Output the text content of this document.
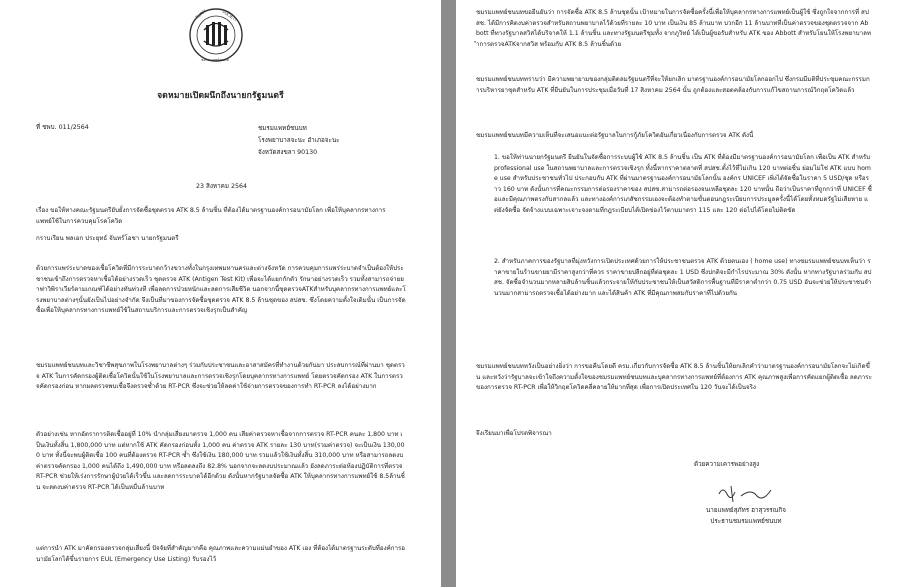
RURAL	SOCIETY
ชมรมแพทย์ชนบท
จดหมายเปิดผนึกถึงนายกรัฐมนตรี
ที่ ชพบ. 011/2564	ชมรมแพทย์ชนบท
โรงพยาบาลจะนะ อำเภอจะนะ
จังหวัดสงขลา 90130
23 สิงหาคม 2564
เรื่อง ขอให้ทางคณะรัฐมนตรียับยั้งการจัดซื้อชุดตรวจ ATK 8.5 ล้านชิ้น ที่ต้องได้มาตรฐานองค์การอนามัยโลก เพื่อให้บุคลากรทางการแพทย์ใช้ในการควบคุมโรคโควิด
กราบเรียน พลเอก ประยุทธ์ จันทร์โอชา นายกรัฐมนตรี

ด้วยการแพร่ระบาดของเชื้อโควิดที่มีการระบาดกว้างขวางทั้งในกรุงเทพมหานครและต่างจังหวัด การควบคุมการแพร่ระบาดจำเป็นต้องให้ประชาชนเข้าถึงการตรวจหาเชื้อได้อย่างรวดเร็ว ชุดตรวจ ATK (Antigen Test Kit) เพื่อจะได้แยกกักตัว รักษาอย่างรวดเร็ว รวมทั้งสามารถจ่ายยาฟาวิพิราเวียร์ตามเกณฑ์ได้อย่างทันท่วงที เพื่อลดการป่วยหนักและลดการเสียชีวิต นอกจากนี้ชุดตรวจATKสำหรับบุคลากรทางการแพทย์และโรงพยาบาลต่างๆนั้นยังเป็นไปอย่างจำกัด จึงเป็นที่มาของการจัดซื้อชุดตรวจ ATK 8.5 ล้านชุดของ สปสช. ซึ่งโดยความตั้งใจเดิมนั้น เป็นการจัดซื้อเพื่อให้บุคลากรทางการแพทย์ใช้ในสถานบริการและการตรวจเชิงรุกเป็นสำคัญ

ชมรมแพทย์ชนบทและวิชาชีพสุขภาพในโรงพยาบาลต่างๆ ร่วมกับประชาชนและอาสาสมัครที่ทำงานด้วยกันมา ประสบการณ์ที่ผ่านมา ชุดตรวจ ATK ในการคัดกรองผู้ติดเชื้อโควิดนั้นใช้ในโรงพยาบาลและการตรวจเชิงรุกโดยบุคลากรทางการแพทย์ โดยตรวจคัดกรอง ATK ในการตรวจคัดกรองก่อน หากผลตรวจพบเชื้อจึงตรวจซ้ำด้วย RT-PCR ซึ่งจะช่วยให้ลดค่าใช้จ่ายการตรวจของการทำ RT-PCR ลงได้อย่างมาก

ตัวอย่างเช่น หากอัตราการติดเชื้ออยู่ที่ 10% นำกลุ่มเสี่ยงมาตรวจ 1,000 คน เสียค่าตรวจหาเชื้อจากการตรวจ RT-PCR คนละ 1,800 บาท เป็นเงินทั้งสิ้น 1,800,000 บาท แต่หากใช้ ATK คัดกรองก่อนทั้ง 1,000 คน ค่าตรวจ ATK รายละ 130 บาท(รวมค่าตรวจ) จะเป็นเงิน 130,000 บาท ทั้งนี้จะพบผู้ติดเชื้อ 100 คนที่ต้องตรวจ RT-PCR ซ้ำ ซึ่งใช้เงิน 180,000 บาท รวมแล้วใช้เงินทั้งสิ้น 310,000 บาท หรือสามารถลดงบค่าตรวจคัดกรอง 1,000 คนได้ถึง 1,490,000 บาท หรือลดลงถึง 82.8% นอกจากจะลดงบประมาณแล้ว ยังลดภาระต่อห้องปฏิบัติการที่ตรวจ RT-PCR ช่วยให้เร่งการรักษาผู้ป่วยได้เร็วขึ้น และลดการระบาดได้อีกด้วย ดังนั้นหากรัฐบาลจัดซื้อ ATK ให้บุคลากรทางการแพทย์ใช้ 8.5ล้านชิ้น จะลดงบค่าตรวจ RT-PCR ได้เป็นหมื่นล้านบาท

แต่การนำ ATK มาคัดกรองตรวจกลุ่มเสี่ยงนี้ ปัจจัยที่สำคัญมากคือ คุณภาพและความแม่นยำของ ATK เอง ที่ต้องได้มาตรฐานระดับที่องค์การอนามัยโลกได้ขึ้นรายการ EUL (Emergency Use Listing) รับรองไว้

ชมรมแพทย์ชนบทขอยืนยันว่า การจัดซื้อ ATK 8.5 ล้านชุดนั้น เป้าหมายในการจัดซื้อครั้งนี้เพื่อให้บุคลากรทางการแพทย์เป็นผู้ใช้ ซึ่งถูกใจจากการที่ สปสช. ได้มีการคิดงบค่าตรวจสำหรับสถานพยาบาลไว้ด้วยที่รายละ 10 บาท เป็นเงิน 85 ล้านบาท บวกอีก 11 ล้านบาทที่เป็นค่าตรวจของชุดตรวจจาก Abbott ที่ทางรัฐบาลสวิสได้บริจาคให้ 1.1 ล้านชิ้น และทางรัฐมนตรีชุมทั้ง จากภูวิทย์ ได้เป็นผู้ขอรับสำหรับ ATK ของ Abbott สำหรับโยนให้โรงพยาบาลทำการตรวจATKจากสวิส พร้อมกับ ATK 8.5 ล้านชิ้นด้วย

ชมรมแพทย์ชนบททราบว่า มีความพยายามของกลุ่มติดลมรัฐมนตรีที่จะให้ยกเลิก มาตรฐานองค์การอนามัยโลกออกไป ซึ่งกรมมีมติที่ประชุมคณะกรรมการบริหารยาชุดสำหรับ ATK ที่ยืนยันในการประชุมเมื่อวันที่ 17 สิงหาคม 2564 นั้น ถูกต้องและสอดคล้องกับการแก้ไขสถานการณ์วิกฤตโควิดแล้ว

ชมรมแพทย์ชนบทมีความเห็นที่จะเสนอแนะต่อรัฐบาลในการกู้ภัยโควิดอันเกี่ยวเนื่องกับการตรวจ ATK ดังนี้

1. ขอให้ท่านนายกรัฐมนตรี ยืนยันในจัดซื้อการระบบผู้ใช้ ATK 8.5 ล้านชิ้น เป็น ATK ที่ต้องมีมาตรฐานองค์การอนามัยโลก เพื่อเป็น ATK สำหรับ professional use ในสถานพยาบาลและการตรวจเชิงรุก ทั้งนี้หากราคาตลาดที่ สปสช.ตั้งไว้ที่ไม่เกิน 120 บาทต่อชิ้น ย่อมไม่ใช่ ATK แบบ home use สำหรับประชาชนทั่วไป ประกอบกับ ATK ที่ผ่านมาตรฐานองค์การอนามัยโลกนั้น องค์กร UNICEF เพิ่งได้จัดซื้อในราคา 5 USD/ชุด หรือราว 160 บาท ดังนั้นการที่คณะกรรมการต่อรองราคาของ สปสช.สามารถต่อรองจนเหลือชุดละ 120 บาทนั้น ถือว่าเป็นราคาที่ถูกกว่าที่ UNICEF ซื้อและมีคุณภาพตรงกับสากลแล้ว และทางองค์การเภสัชกรรมเองจะต้องทำตามขั้นตอนกฎระเบียบการประมูลครั้งนี้ได้โดยทั้งหมดรัฐไม่เสียหาย แต่ยังจัดซื้อ จัดจ้างแบบเฉพาะเจาะจงตามที่กฎระเบียบได้เปิดช่องไว้ตามมาตรา 115 และ 120 ต่อไปได้โดยไม่ติดขัด

2. สำหรับภาคการของรัฐบาลที่มุ่งหวังการเปิดประเทศด้วยการให้ประชาชนตรวจ ATK ด้วยตนเอง ( home use) ทางชมรมแพทย์ชนบทเห็นว่า ราคาขายในร้านขายยามีราคาสูงกว่าที่ควร ราคาขายปลีกอยู่ที่ต่อชุดละ 1 USD ซึ่งปกติจะมีกำไรประมาณ 30% ดังนั้น หากทางรัฐบาลร่วมกับ สปสช. จัดซื้อจำนวนมากหลายสิบล้านชิ้นแล้วกระจายให้กับประชาชนให้เป็นสวัสดิการพื้นฐานที่มีราคาต่ำกว่า 0.75 USD อันจะช่วยให้ประชาชนจำนวนมากสามารถตรวจเชื้อได้อย่างมาก และได้สินค้า ATK ที่มีคุณภาพสมกับราคาที่ไปด้วยกัน

ชมรมแพทย์ชนบทหวังเป็นอย่างยิ่งว่า การขอคืนโดยดี ครม.เกี่ยวกับการจัดซื้อ ATK 8.5 ล้านชิ้นให้ยกเลิกคำว่ามาตรฐานองค์การอนามัยโลกจะไม่เกิดขึ้น และหวังว่ารัฐบาลจะเข้าใจถึงความตั้งใจของชมรมแพทย์ชนบทและบุคลากรทางการแพทย์ที่ต้องการ ATK คุณภาพสูงเพื่อการคัดแยกผู้ติดเชื้อ ลดภาระของการตรวจ RT-PCR เพื่อให้วิกฤตโควิดคลี่คลายให้มากที่สุด เพื่อการเปิดประเทศใน 120 วันจะได้เป็นจริง

จึงเรียนมาเพื่อโปรดพิจารณา

ด้วยความเคารพอย่างสูง
นายแพทย์สุภัทร ฮาสุวรรณกิจ
ประธานชมรมแพทย์ชนบท
